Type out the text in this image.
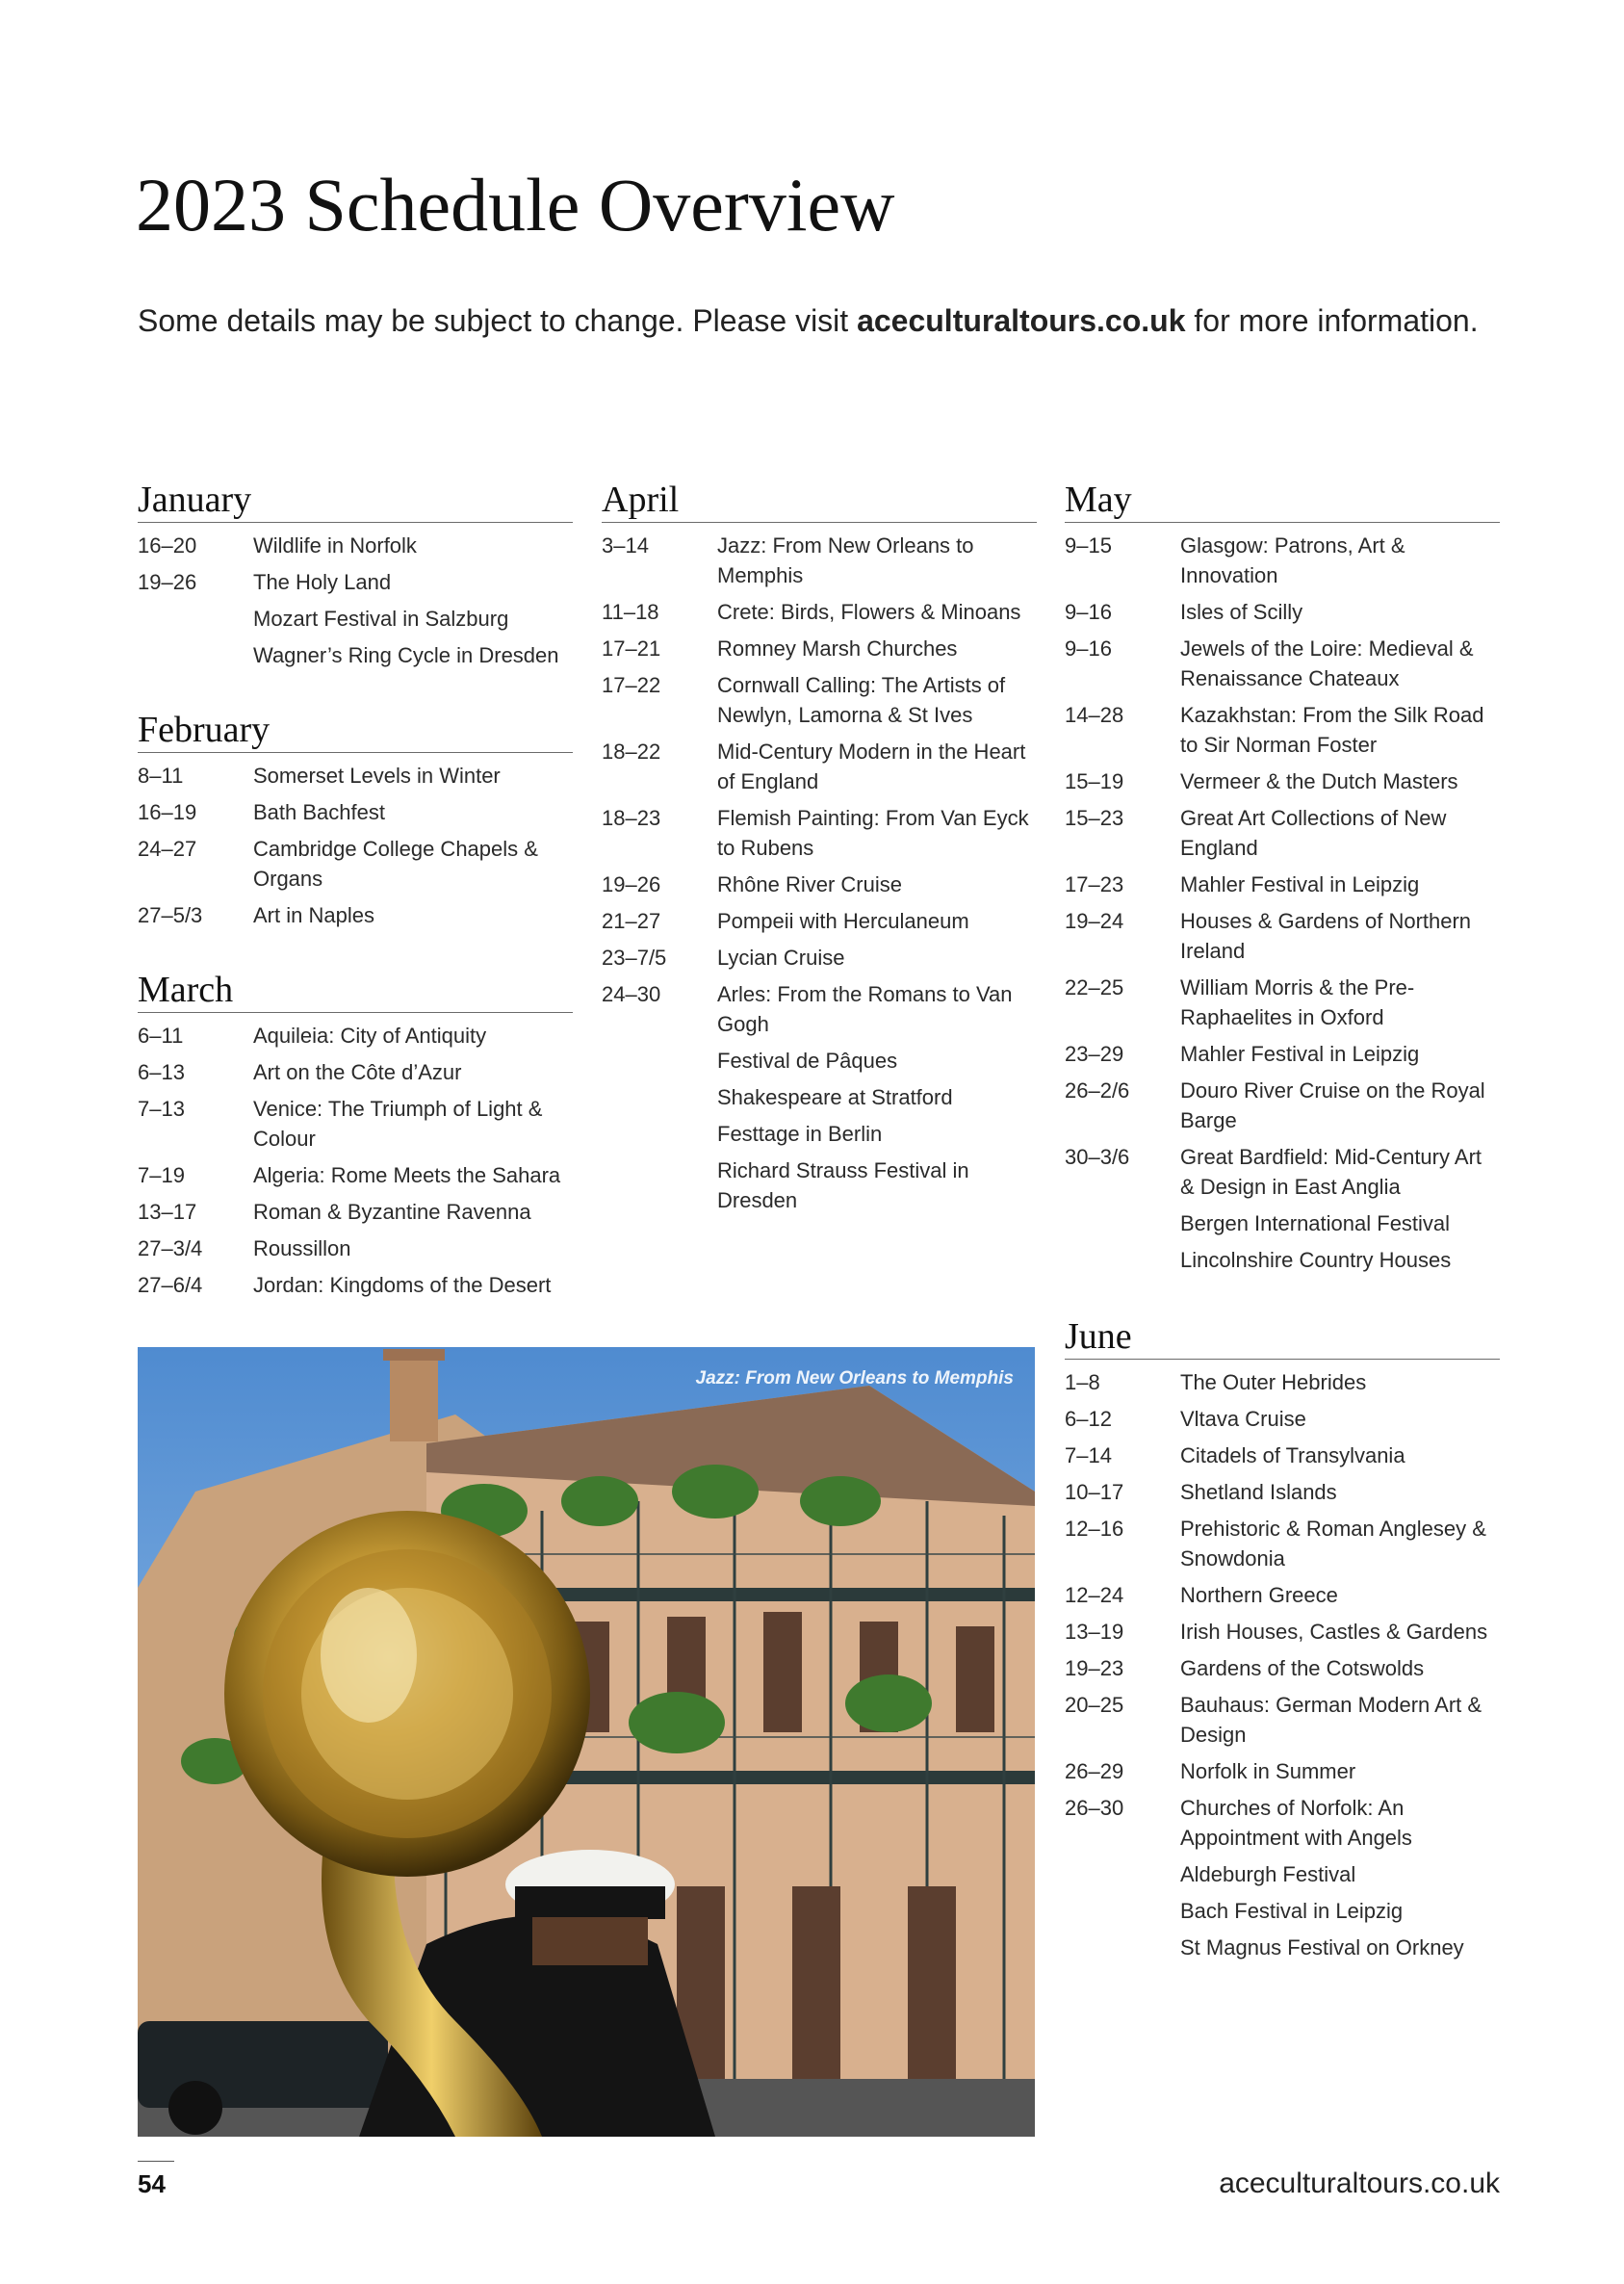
2023 Schedule Overview
Some details may be subject to change. Please visit aceculturaltours.co.uk for more information.
January
16–20	Wildlife in Norfolk
19–26	The Holy Land
Mozart Festival in Salzburg
Wagner’s Ring Cycle in Dresden
February
8–11	Somerset Levels in Winter
16–19	Bath Bachfest
24–27	Cambridge College Chapels & Organs
27–5/3	Art in Naples
March
6–11	Aquileia: City of Antiquity
6–13	Art on the Côte d’Azur
7–13	Venice: The Triumph of Light & Colour
7–19	Algeria: Rome Meets the Sahara
13–17	Roman & Byzantine Ravenna
27–3/4	Roussillon
27–6/4	Jordan: Kingdoms of the Desert
April
3–14	Jazz: From New Orleans to Memphis
11–18	Crete: Birds, Flowers & Minoans
17–21	Romney Marsh Churches
17–22	Cornwall Calling: The Artists of Newlyn, Lamorna & St Ives
18–22	Mid-Century Modern in the Heart of England
18–23	Flemish Painting: From Van Eyck to Rubens
19–26	Rhône River Cruise
21–27	Pompeii with Herculaneum
23–7/5	Lycian Cruise
24–30	Arles: From the Romans to Van Gogh
Festival de Pâques
Shakespeare at Stratford
Festtage in Berlin
Richard Strauss Festival in Dresden
May
9–15	Glasgow: Patrons, Art & Innovation
9–16	Isles of Scilly
9–16	Jewels of the Loire: Medieval & Renaissance Chateaux
14–28	Kazakhstan: From the Silk Road to Sir Norman Foster
15–19	Vermeer & the Dutch Masters
15–23	Great Art Collections of New England
17–23	Mahler Festival in Leipzig
19–24	Houses & Gardens of Northern Ireland
22–25	William Morris & the Pre-Raphaelites in Oxford
23–29	Mahler Festival in Leipzig
26–2/6	Douro River Cruise on the Royal Barge
30–3/6	Great Bardfield: Mid-Century Art & Design in East Anglia
Bergen International Festival
Lincolnshire Country Houses
June
1–8	The Outer Hebrides
6–12	Vltava Cruise
7–14	Citadels of Transylvania
10–17	Shetland Islands
12–16	Prehistoric & Roman Anglesey & Snowdonia
12–24	Northern Greece
13–19	Irish Houses, Castles & Gardens
19–23	Gardens of the Cotswolds
20–25	Bauhaus: German Modern Art & Design
26–29	Norfolk in Summer
26–30	Churches of Norfolk: An Appointment with Angels
Aldeburgh Festival
Bach Festival in Leipzig
St Magnus Festival on Orkney
Jazz: From New Orleans to Memphis
54	aceculturaltours.co.uk
